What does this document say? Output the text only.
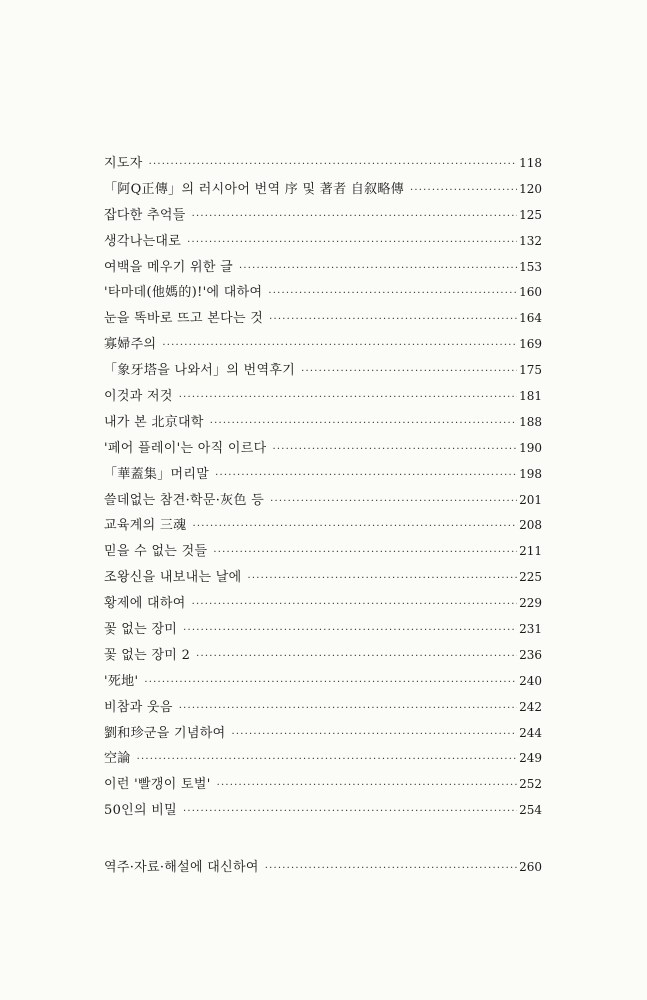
지도자 ·····	118
「阿Q正傳」의 러시아어 번역 序 및 著者 自叙略傳 ·····	120
잡다한 추억들 ·····	125
생각나는대로 ·····	132
여백을 메우기 위한 글 ·····	153
'타마데(他媽的)!'에 대하여 ·····	160
눈을 똑바로 뜨고 본다는 것 ·····	164
寡婦주의 ·····	169
「象牙塔을 나와서」의 번역후기 ·····	175
이것과 저것 ·····	181
내가 본 北京대학 ·····	188
'페어 플레이'는 아직 이르다 ·····	190
「華蓋集」머리말 ·····	198
쓸데없는 참견·학문·灰色 등 ·····	201
교육계의 三魂 ·····	208
믿을 수 없는 것들 ·····	211
조왕신을 내보내는 날에 ·····	225
황제에 대하여 ·····	229
꽃 없는 장미 ·····	231
꽃 없는 장미 2 ·····	236
'死地' ·····	240
비참과 웃음 ·····	242
劉和珍군을 기념하여 ·····	244
空論 ·····	249
이런 '빨갱이 토벌' ·····	252
50인의 비밀 ·····	254
역주·자료·해설에 대신하여 ·····	260
